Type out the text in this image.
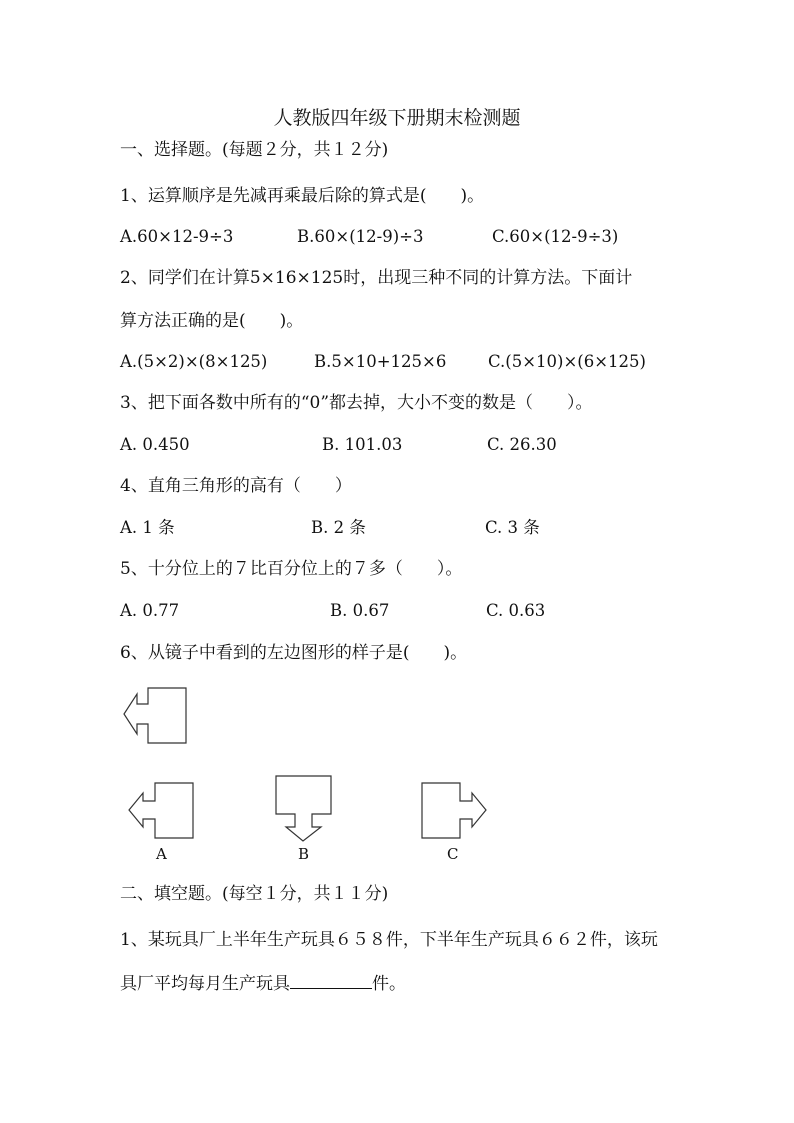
人教版四年级下册期末检测题
一、选择题。(每题２分，共１２分)
1、运算顺序是先减再乘最后除的算式是(　　)。
A.60×12-9÷3	B.60×(12-9)÷3	C.60×(12-9÷3)
2、同学们在计算5×16×125时，出现三种不同的计算方法。下面计
算方法正确的是(　　)。
A.(5×2)×(8×125)	B.5×10+125×6	C.(5×10)×(6×125)
3、把下面各数中所有的“0”都去掉，大小不变的数是（　　）。
A. 0.450	B. 101.03	C. 26.30
4、直角三角形的高有（　　）
A. 1 条	B. 2 条	C. 3 条
5、十分位上的７比百分位上的７多（　　）。
A. 0.77	B. 0.67	C. 0.63
6、从镜子中看到的左边图形的样子是(　　)。
A	B	C
二、填空题。(每空１分，共１１分)
1、某玩具厂上半年生产玩具６５８件，下半年生产玩具６６２件，该玩
具厂平均每月生产玩具	件。
